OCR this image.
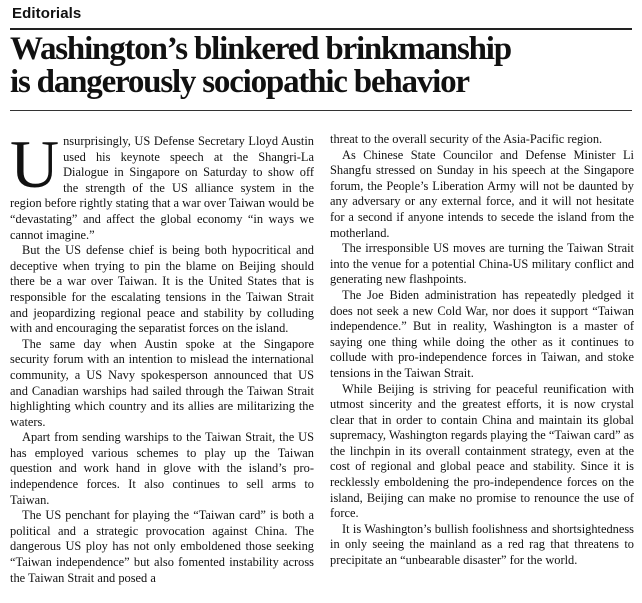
Editorials
Washington’s blinkered brinkmanship
is dangerously sociopathic behavior

Unsurprisingly, US Defense Secretary Lloyd Austin used his keynote speech at the Shangri-La Dialogue in Singapore on Saturday to show off the strength of the US alliance system in the region before rightly stating that a war over Taiwan would be “devastating” and affect the global economy “in ways we cannot imagine.”

But the US defense chief is being both hypocritical and deceptive when trying to pin the blame on Beijing should there be a war over Taiwan. It is the United States that is responsible for the escalating tensions in the Taiwan Strait and jeopardizing regional peace and stability by colluding with and encouraging the separatist forces on the island.

The same day when Austin spoke at the Singapore security forum with an intention to mislead the international community, a US Navy spokesperson announced that US and Canadian warships had sailed through the Taiwan Strait highlighting which country and its allies are militarizing the waters.

Apart from sending warships to the Taiwan Strait, the US has employed various schemes to play up the Taiwan question and work hand in glove with the island’s pro-independence forces. It also continues to sell arms to Taiwan.

The US penchant for playing the “Taiwan card” is both a political and a strategic provocation against China. The dangerous US ploy has not only emboldened those seeking “Taiwan independence” but also fomented instability across the Taiwan Strait and posed a

threat to the overall security of the Asia-Pacific region.

As Chinese State Councilor and Defense Minister Li Shangfu stressed on Sunday in his speech at the Singapore forum, the People’s Liberation Army will not be daunted by any adversary or any external force, and it will not hesitate for a second if anyone intends to secede the island from the motherland.

The irresponsible US moves are turning the Taiwan Strait into the venue for a potential China-US military conflict and generating new flashpoints.

The Joe Biden administration has repeatedly pledged it does not seek a new Cold War, nor does it support “Taiwan independence.” But in reality, Washington is a master of saying one thing while doing the other as it continues to collude with pro-independence forces in Taiwan, and stoke tensions in the Taiwan Strait.

While Beijing is striving for peaceful reunification with utmost sincerity and the greatest efforts, it is now crystal clear that in order to contain China and maintain its global supremacy, Washington regards playing the “Taiwan card” as the linchpin in its overall containment strategy, even at the cost of regional and global peace and stability. Since it is recklessly emboldening the pro-independence forces on the island, Beijing can make no promise to renounce the use of force.

It is Washington’s bullish foolishness and shortsightedness in only seeing the mainland as a red rag that threatens to precipitate an “unbearable disaster” for the world.
